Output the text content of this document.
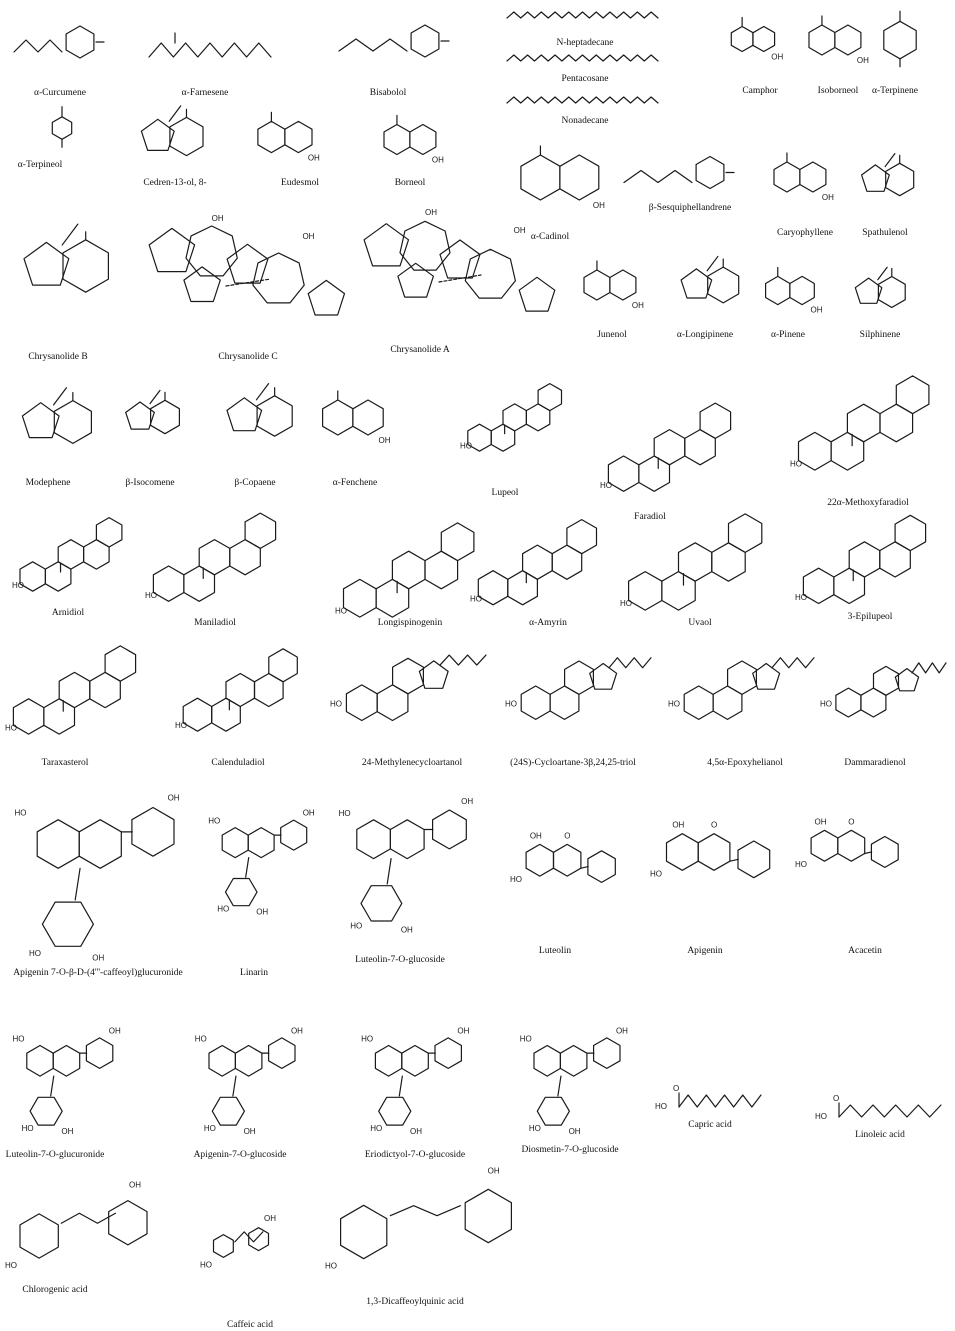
α-Curcumene	α-Farnesene	Bisabolol
N-heptadecane
Pentacosane
Nonadecane
OH
Camphor
OH
Isoborneol α-Terpinene
α-Terpineol
Cedren-13-ol, 8-
OH
Eudesmol
OH
Borneol
OH
α-Cadinol
β-Sesquiphellandrene
OH
Caryophyllene	Spathulenol
Chrysanolide B
OH
OH
Chrysanolide C
OH
OH
Chrysanolide A
OH
Junenol	α-Longipinene
OH
α-Pinene	Silphinene
Modephene	β-Isocomene	β-Copaene
OH
α-Fenchene
HO
Lupeol
HO
Faradiol
HO
22α-Methoxyfaradiol
HO
Arnidiol
HO
Maniladiol
HO
Longispinogenin
HO
α-Amyrin
HO
Uvaol
HO
3-Epilupeol
HO
Taraxasterol
HO
Calenduladiol
HO
24-Methylenecycloartanol
HO
(24S)-Cycloartane-3β,24,25-triol
HO
4,5α-Epoxyhelianol
HO
Dammaradienol
HO
OH
HO
OH
Apigenin 7-O-β-D-(4'''-caffeoyl)glucuronide
HO
OH
HO	OH
Linarin
HO
OH
HO	OH
Luteolin-7-O-glucoside
HO
OH	O
Luteolin
HO
OH	O
Apigenin
HO
OH	O
Acacetin
HO
OH
HO	OH
Luteolin-7-O-glucuronide
HO
OH
HO	OH
Apigenin-7-O-glucoside
HO
OH
HO	OH
Eriodictyol-7-O-glucoside
HO
OH
HO	OH
Diosmetin-7-O-glucoside
HO
O
Capric acid
HO
O
Linoleic acid
HO
OH
Chlorogenic acid
HO
OH
Caffeic acid
HO
OH
1,3-Dicaffeoylquinic acid
